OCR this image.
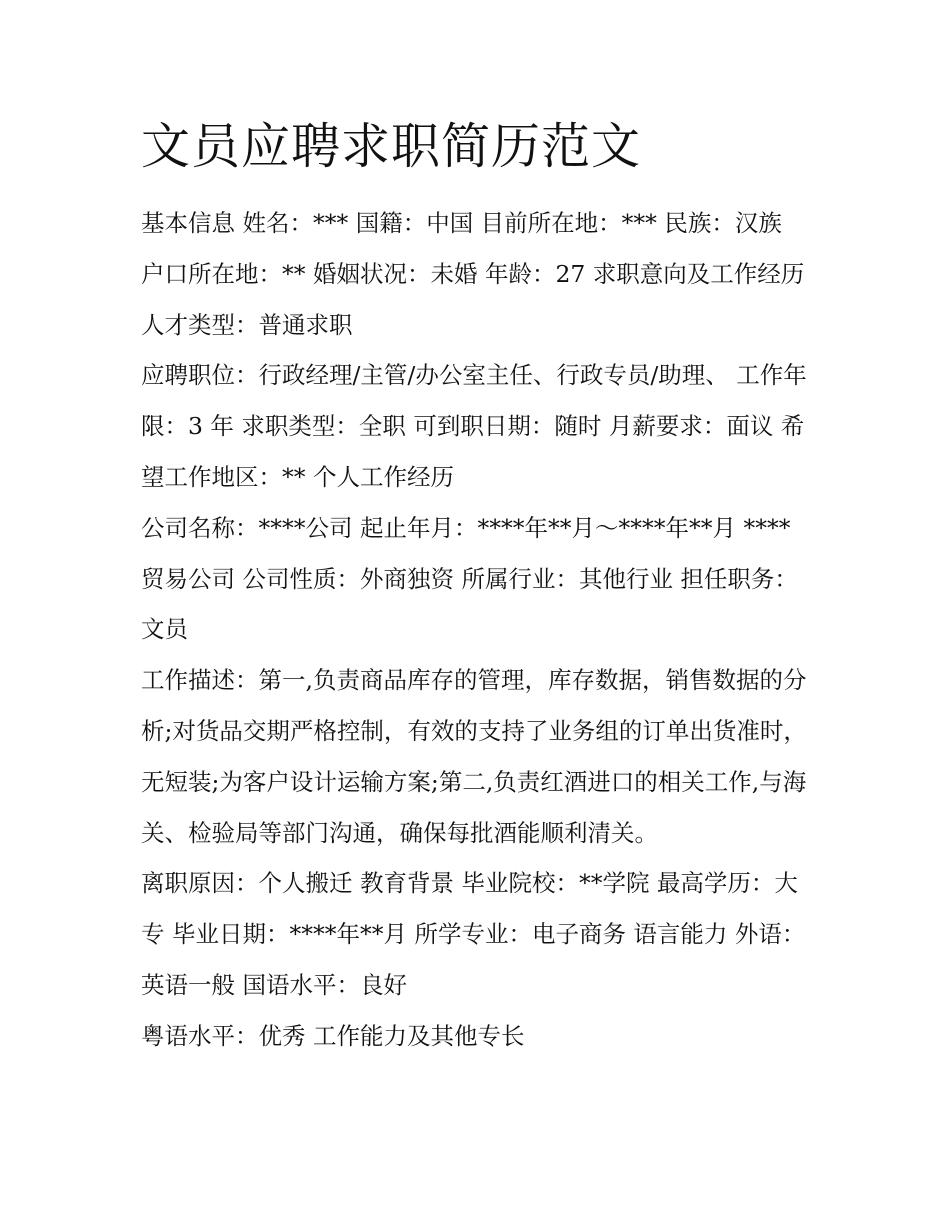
文员应聘求职简历范文

基本信息 姓名：*** 国籍：中国 目前所在地：*** 民族：汉族 户口所在地：** 婚姻状况：未婚 年龄：27 求职意向及工作经历 人才类型：普通求职

应聘职位：行政经理/主管/办公室主任、行政专员/助理、 工作年限：3 年 求职类型：全职 可到职日期：随时 月薪要求：面议 希望工作地区：** 个人工作经历

公司名称：****公司 起止年月：****年**月～****年**月 ****贸易公司 公司性质：外商独资 所属行业：其他行业 担任职务：文员

工作描述：第一,负责商品库存的管理，库存数据，销售数据的分析;对货品交期严格控制，有效的支持了业务组的订单出货准时，无短装;为客户设计运输方案;第二,负责红酒进口的相关工作,与海关、检验局等部门沟通，确保每批酒能顺利清关。

离职原因：个人搬迁 教育背景 毕业院校：**学院 最高学历：大专 毕业日期：****年**月 所学专业：电子商务 语言能力 外语：英语一般 国语水平：良好

粤语水平：优秀 工作能力及其他专长
